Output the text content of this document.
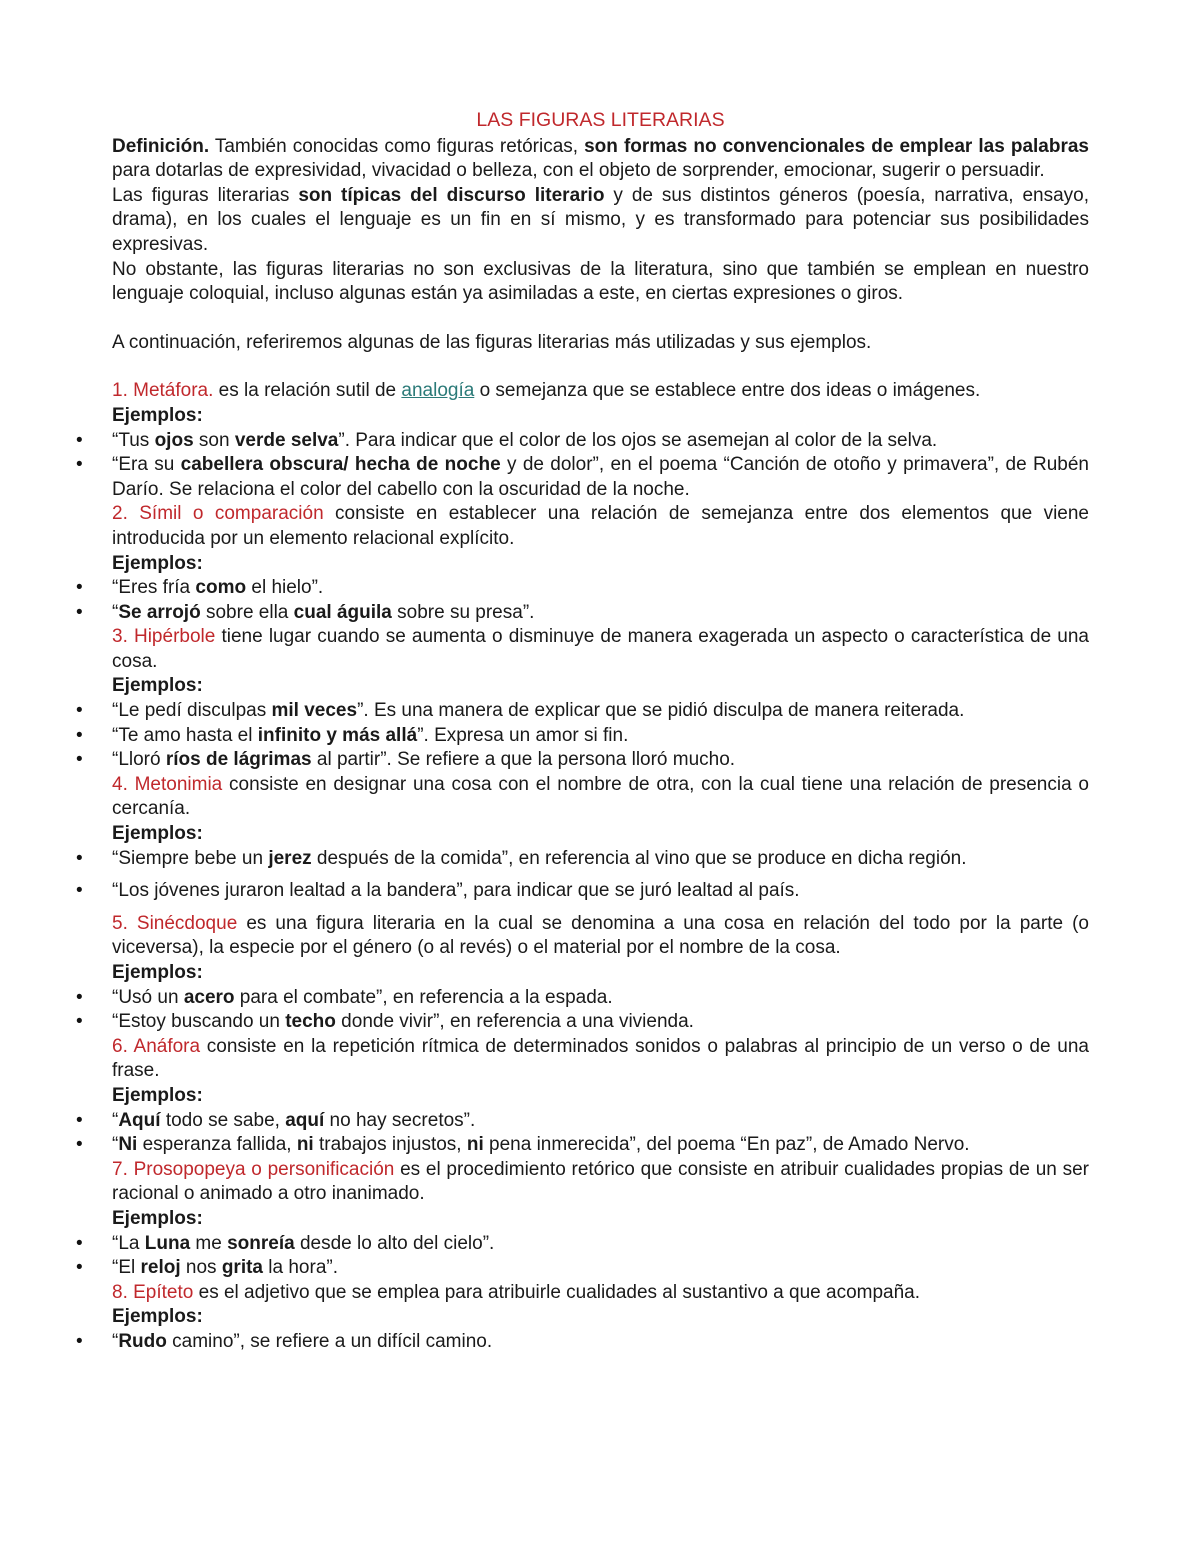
LAS FIGURAS LITERARIAS

Definición. También conocidas como figuras retóricas, son formas no convencionales de emplear las palabras para dotarlas de expresividad, vivacidad o belleza, con el objeto de sorprender, emocionar, sugerir o persuadir.

Las figuras literarias son típicas del discurso literario y de sus distintos géneros (poesía, narrativa, ensayo, drama), en los cuales el lenguaje es un fin en sí mismo, y es transformado para potenciar sus posibilidades expresivas.

No obstante, las figuras literarias no son exclusivas de la literatura, sino que también se emplean en nuestro lenguaje coloquial, incluso algunas están ya asimiladas a este, en ciertas expresiones o giros.

A continuación, referiremos algunas de las figuras literarias más utilizadas y sus ejemplos.

1. Metáfora. es la relación sutil de analogía o semejanza que se establece entre dos ideas o imágenes.

Ejemplos:
• “Tus ojos son verde selva”. Para indicar que el color de los ojos se asemejan al color de la selva.
• “Era su cabellera obscura/ hecha de noche y de dolor”, en el poema “Canción de otoño y primavera”, de Rubén Darío. Se relaciona el color del cabello con la oscuridad de la noche.

2. Símil o comparación consiste en establecer una relación de semejanza entre dos elementos que viene introducida por un elemento relacional explícito.

Ejemplos:
• “Eres fría como el hielo”.
• “Se arrojó sobre ella cual águila sobre su presa”.

3. Hipérbole tiene lugar cuando se aumenta o disminuye de manera exagerada un aspecto o característica de una cosa.

Ejemplos:
• “Le pedí disculpas mil veces”. Es una manera de explicar que se pidió disculpa de manera reiterada.
• “Te amo hasta el infinito y más allá”. Expresa un amor si fin.
• “Lloró ríos de lágrimas al partir”. Se refiere a que la persona lloró mucho.

4. Metonimia consiste en designar una cosa con el nombre de otra, con la cual tiene una relación de presencia o cercanía.

Ejemplos:
• “Siempre bebe un jerez después de la comida”, en referencia al vino que se produce en dicha región.
• “Los jóvenes juraron lealtad a la bandera”, para indicar que se juró lealtad al país.

5. Sinécdoque es una figura literaria en la cual se denomina a una cosa en relación del todo por la parte (o viceversa), la especie por el género (o al revés) o el material por el nombre de la cosa.

Ejemplos:
• “Usó un acero para el combate”, en referencia a la espada.
• “Estoy buscando un techo donde vivir”, en referencia a una vivienda.

6. Anáfora consiste en la repetición rítmica de determinados sonidos o palabras al principio de un verso o de una frase.

Ejemplos:
• “Aquí todo se sabe, aquí no hay secretos”.
• “Ni esperanza fallida, ni trabajos injustos, ni pena inmerecida”, del poema “En paz”, de Amado Nervo.

7. Prosopopeya o personificación es el procedimiento retórico que consiste en atribuir cualidades propias de un ser racional o animado a otro inanimado.

Ejemplos:
• “La Luna me sonreía desde lo alto del cielo”.
• “El reloj nos grita la hora”.

8. Epíteto es el adjetivo que se emplea para atribuirle cualidades al sustantivo a que acompaña.

Ejemplos:
• “Rudo camino”, se refiere a un difícil camino.
